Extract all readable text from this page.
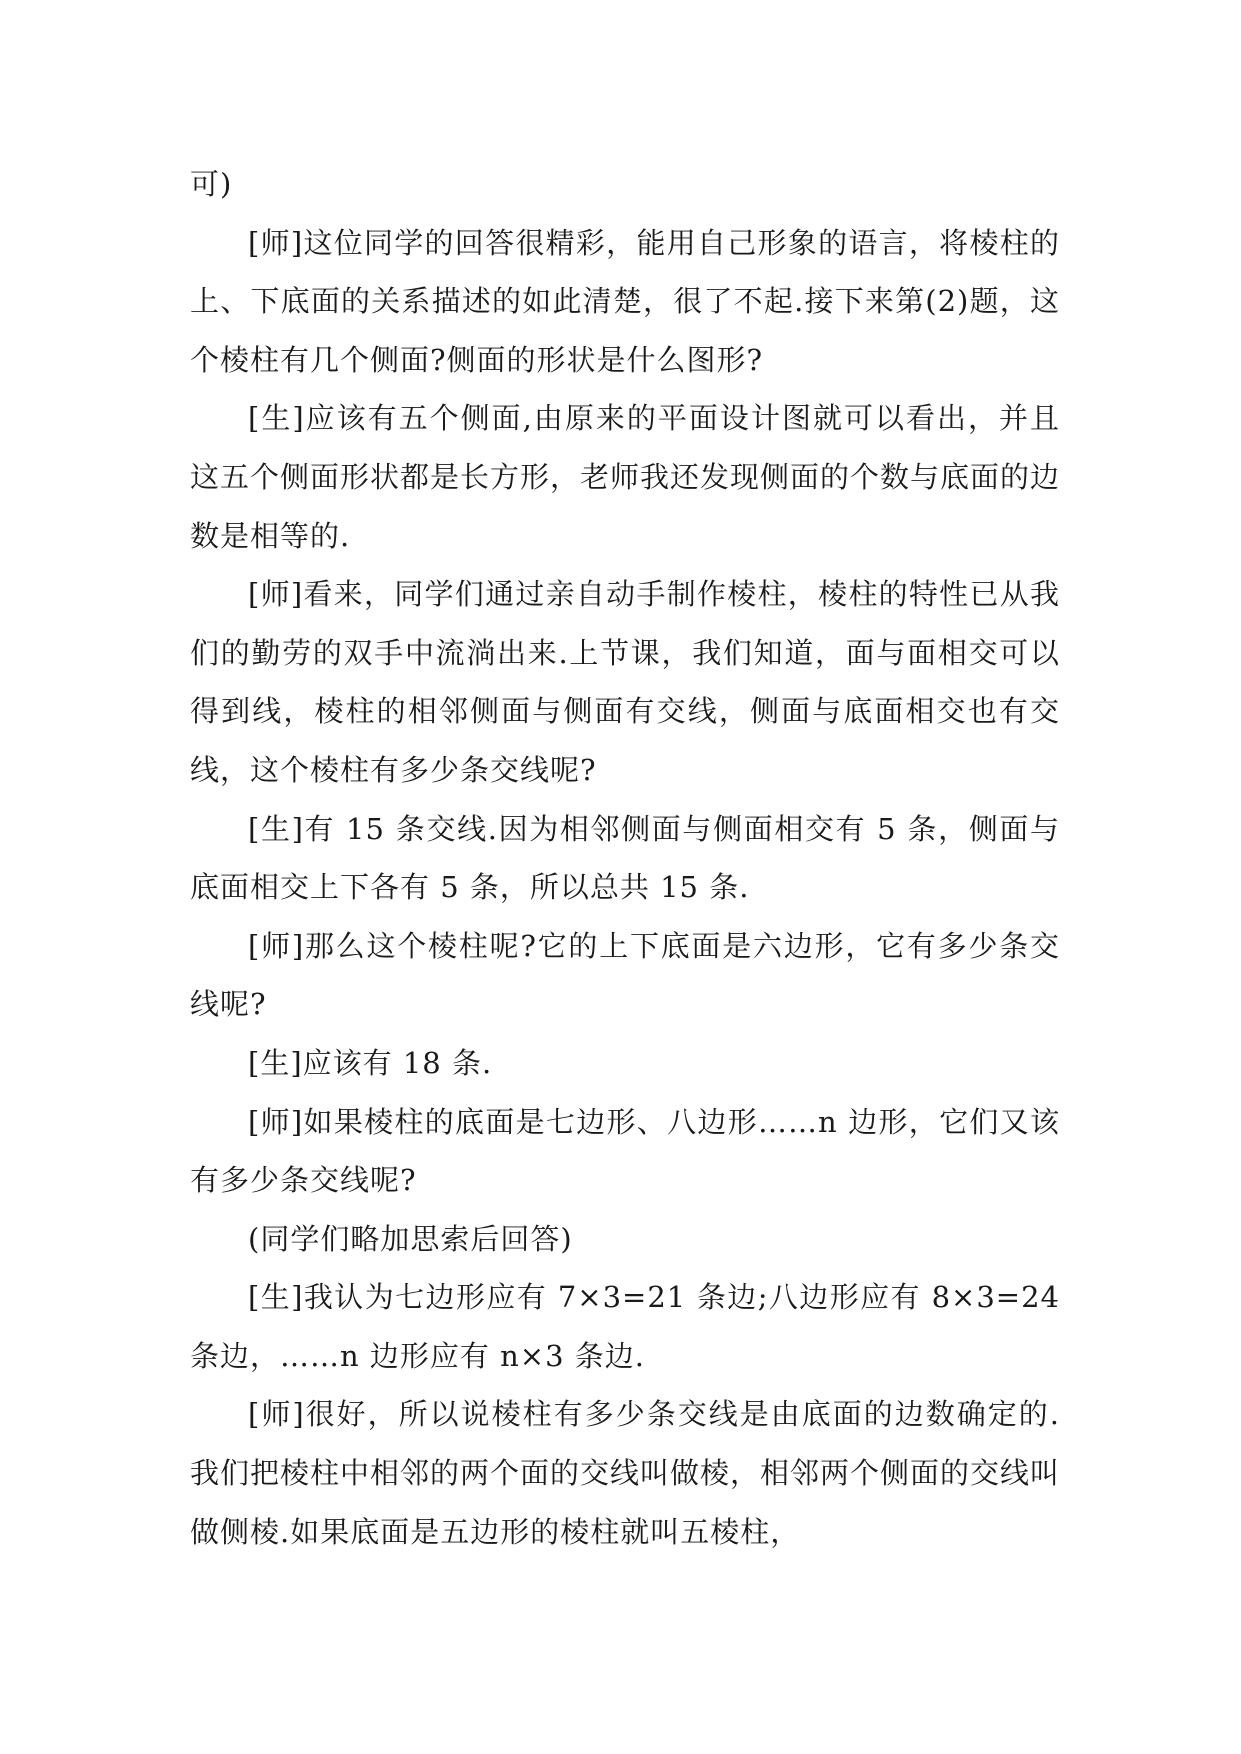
可)

[师]这位同学的回答很精彩，能用自己形象的语言，将棱柱的上、下底面的关系描述的如此清楚，很了不起.接下来第(2)题，这个棱柱有几个侧面?侧面的形状是什么图形?

[生]应该有五个侧面,由原来的平面设计图就可以看出，并且这五个侧面形状都是长方形，老师我还发现侧面的个数与底面的边数是相等的.

[师]看来，同学们通过亲自动手制作棱柱，棱柱的特性已从我们的勤劳的双手中流淌出来.上节课，我们知道，面与面相交可以得到线，棱柱的相邻侧面与侧面有交线，侧面与底面相交也有交线，这个棱柱有多少条交线呢?

[生]有 15 条交线.因为相邻侧面与侧面相交有 5 条，侧面与底面相交上下各有 5 条，所以总共 15 条.

[师]那么这个棱柱呢?它的上下底面是六边形，它有多少条交线呢?

[生]应该有 18 条.

[师]如果棱柱的底面是七边形、八边形……n 边形，它们又该有多少条交线呢?

(同学们略加思索后回答)

[生]我认为七边形应有 7×3=21 条边;八边形应有 8×3=24 条边，……n 边形应有 n×3 条边.

[师]很好，所以说棱柱有多少条交线是由底面的边数确定的.我们把棱柱中相邻的两个面的交线叫做棱，相邻两个侧面的交线叫做侧棱.如果底面是五边形的棱柱就叫五棱柱，
